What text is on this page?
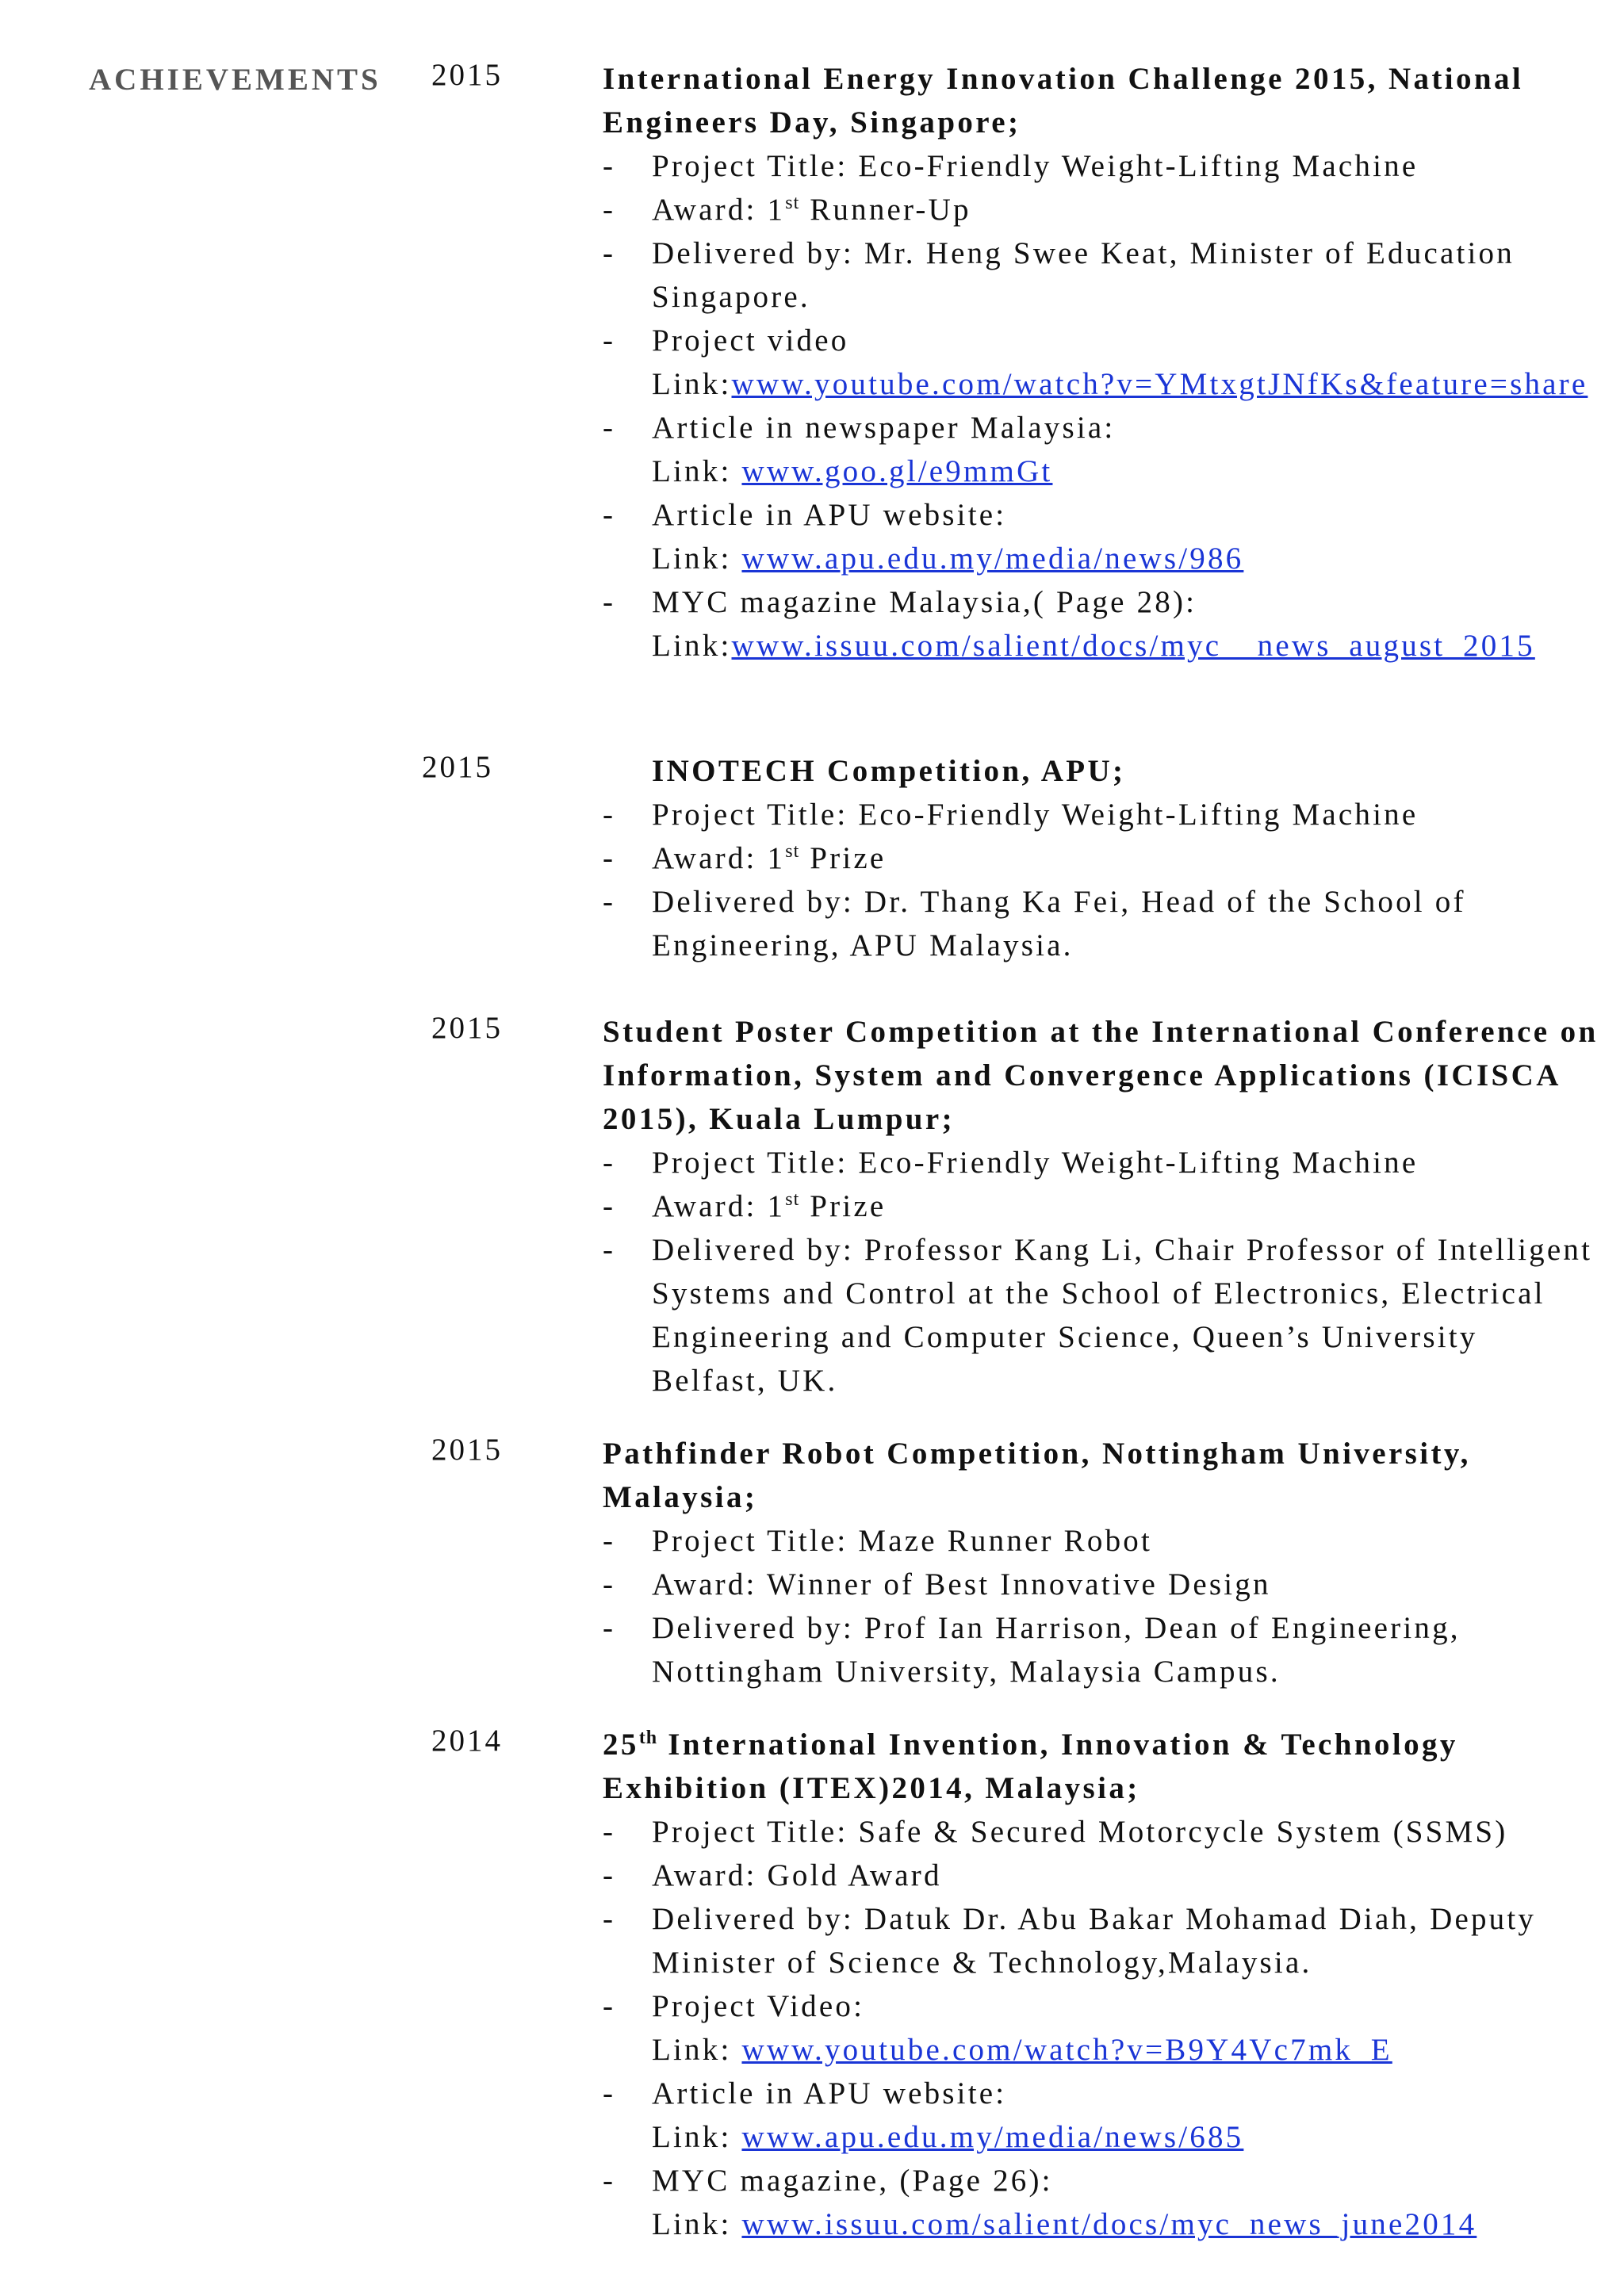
ACHIEVEMENTS 2015	International Energy Innovation Challenge 2015, National Engineers Day, Singapore;

- Project Title: Eco-Friendly Weight-Lifting Machine
- Award: 1st Runner-Up
- Delivered by: Mr. Heng Swee Keat, Minister of Education Singapore.
- Project video
Link:www.youtube.com/watch?v=YMtxgtJNfKs&feature=share
- Article in newspaper Malaysia:
Link: www.goo.gl/e9mmGt
- Article in APU website:
Link: www.apu.edu.my/media/news/986
- MYC magazine Malaysia,( Page 28):
Link:www.issuu.com/salient/docs/myc__news_august_2015
2015	INOTECH Competition, APU;

- Project Title: Eco-Friendly Weight-Lifting Machine
- Award: 1st Prize
- Delivered by: Dr. Thang Ka Fei, Head of the School of Engineering, APU Malaysia.
2015	Student Poster Competition at the International Conference on Information, System and Convergence Applications (ICISCA 2015), Kuala Lumpur;

- Project Title: Eco-Friendly Weight-Lifting Machine
- Award: 1st Prize
- Delivered by: Professor Kang Li, Chair Professor of Intelligent Systems and Control at the School of Electronics, Electrical Engineering and Computer Science, Queen’s University Belfast, UK.
2015	Pathfinder Robot Competition, Nottingham University, Malaysia;

- Project Title: Maze Runner Robot
- Award: Winner of Best Innovative Design
- Delivered by: Prof Ian Harrison, Dean of Engineering, Nottingham University, Malaysia Campus.
2014	25th International Invention, Innovation & Technology Exhibition (ITEX)2014, Malaysia;

- Project Title: Safe & Secured Motorcycle System (SSMS)
- Award: Gold Award
- Delivered by: Datuk Dr. Abu Bakar Mohamad Diah, Deputy Minister of Science & Technology,Malaysia.
- Project Video:
Link: www.youtube.com/watch?v=B9Y4Vc7mk_E
- Article in APU website:
Link: www.apu.edu.my/media/news/685
- MYC magazine, (Page 26):
Link: www.issuu.com/salient/docs/myc_news_june2014
